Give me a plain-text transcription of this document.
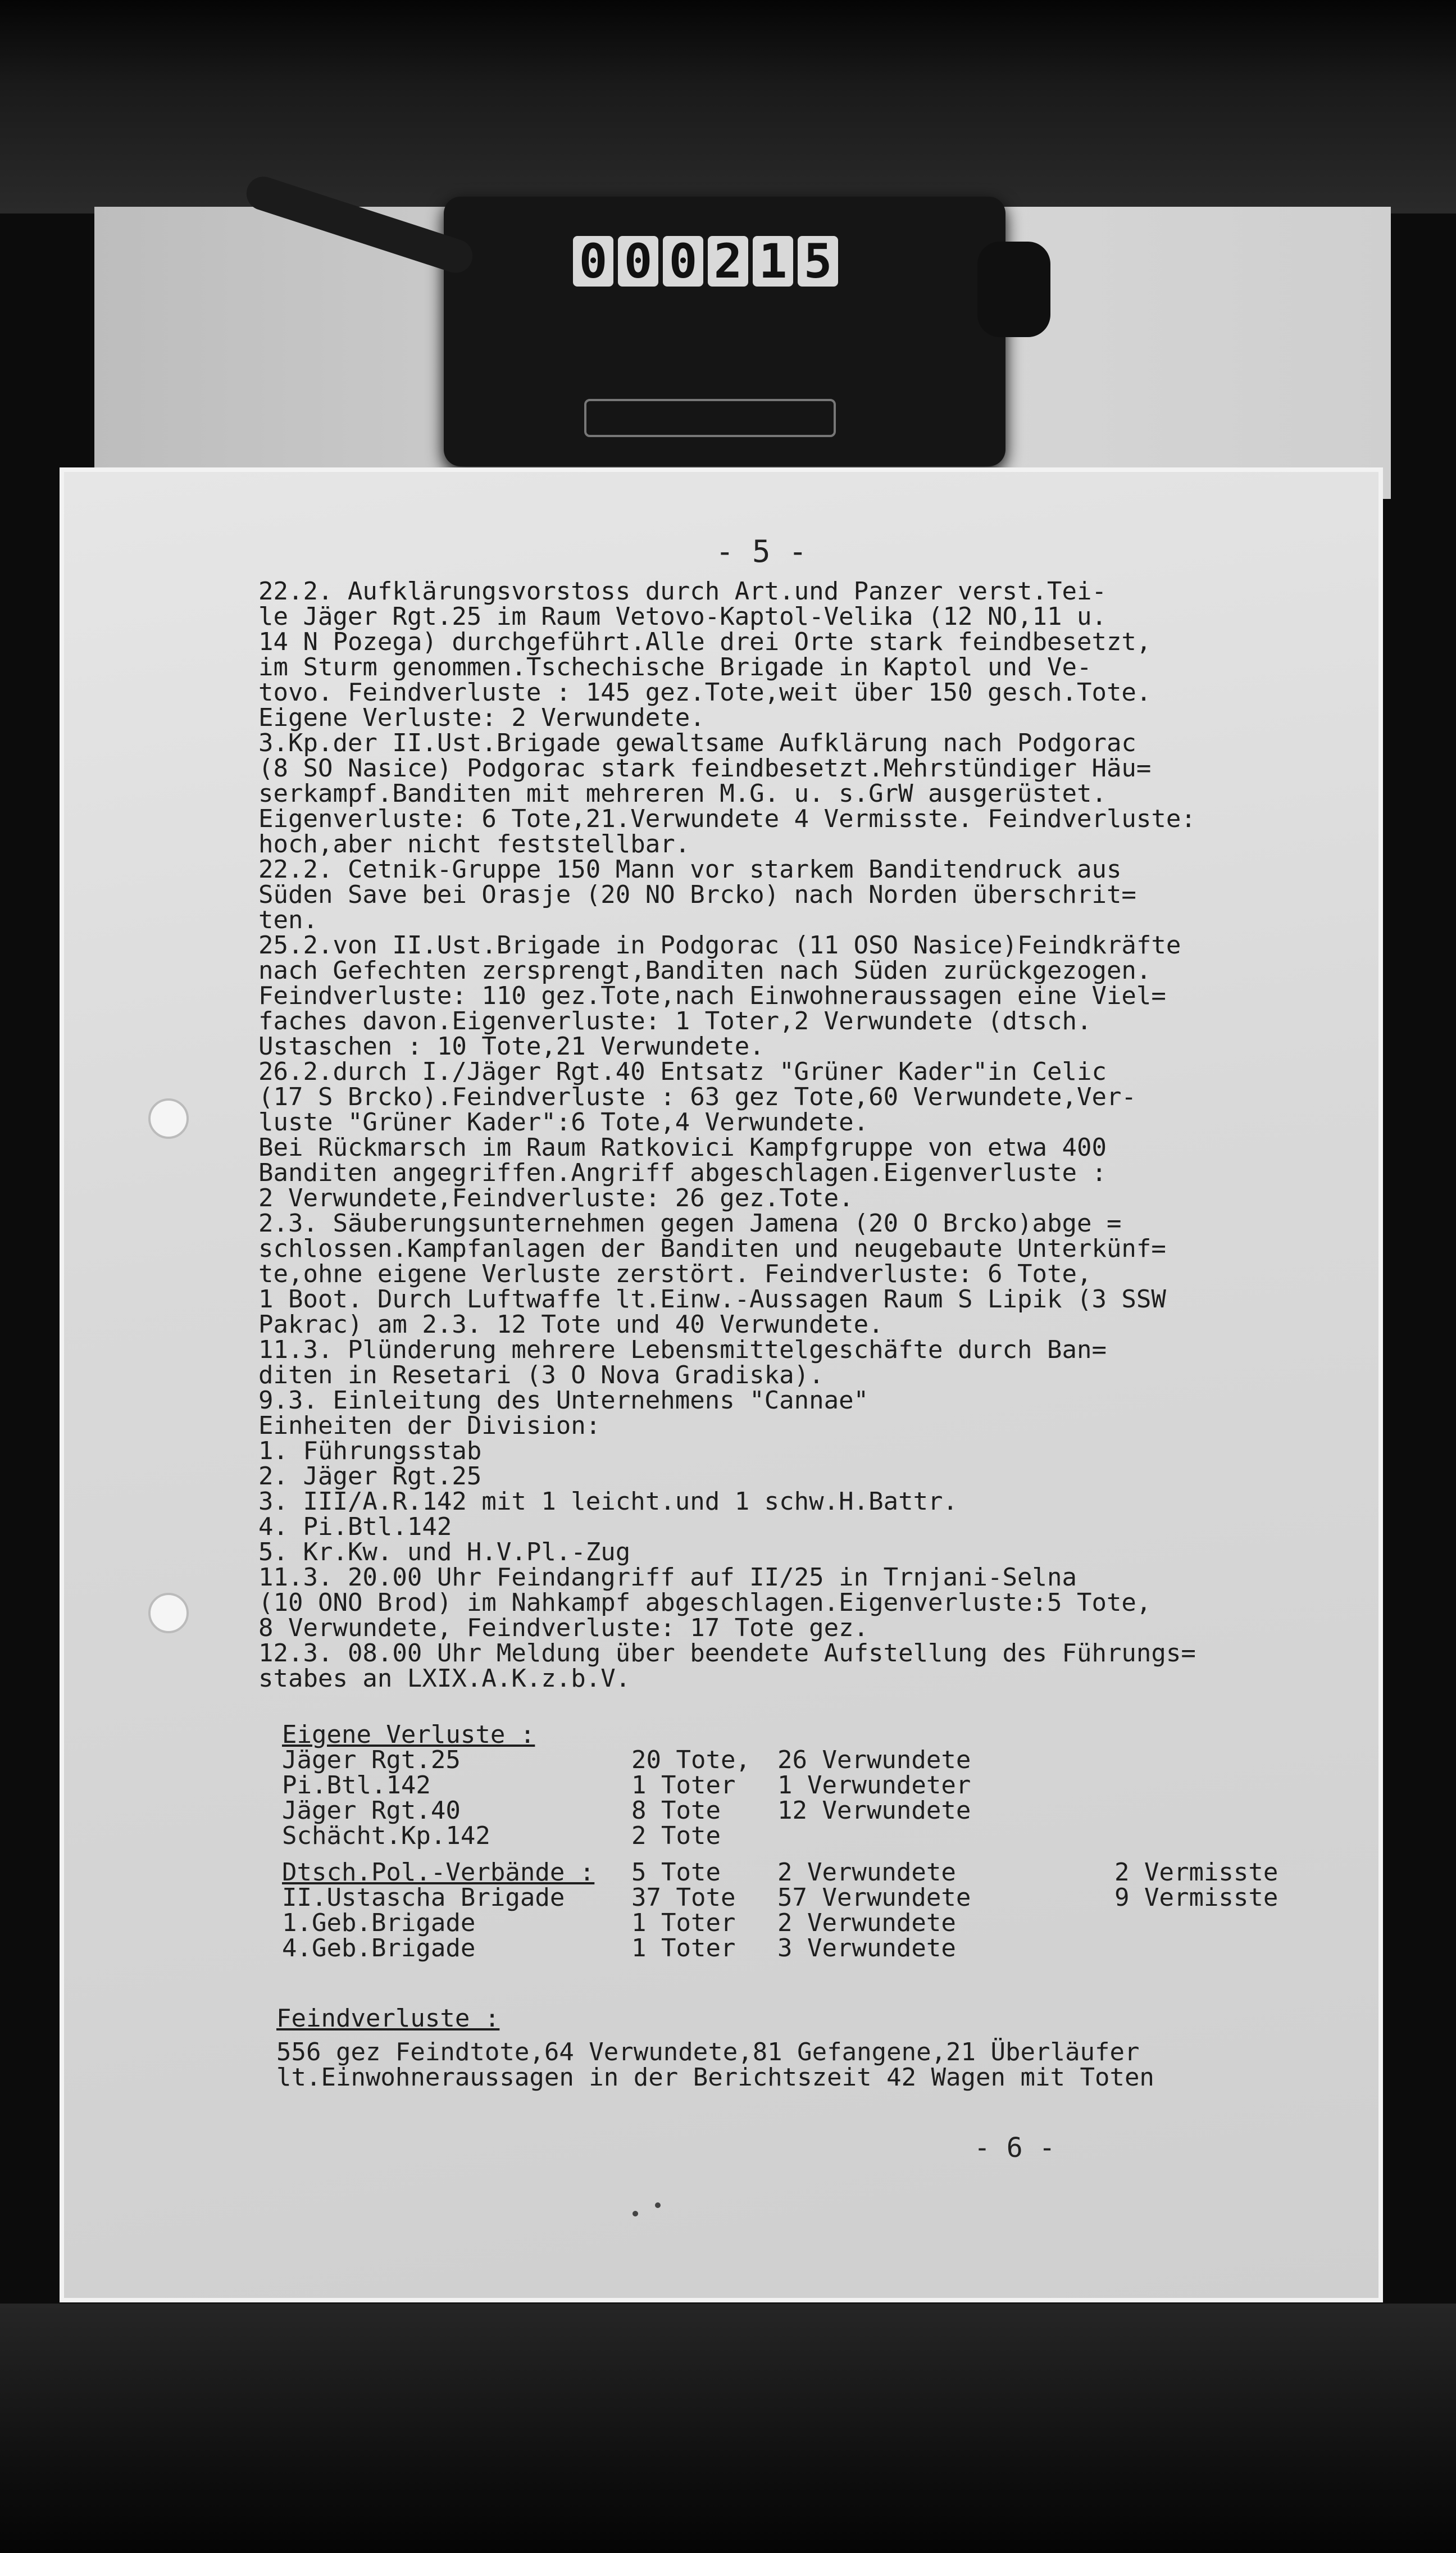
0 0 0 2 1 5
- 5 -
22.2. Aufklärungsvorstoss durch Art.und Panzer verst.Tei-
le Jäger Rgt.25 im Raum Vetovo-Kaptol-Velika (12 NO,11 u.
14 N Pozega) durchgeführt.Alle drei Orte stark feindbesetzt,
im Sturm genommen.Tschechische Brigade in Kaptol und Ve-
tovo. Feindverluste : 145 gez.Tote,weit über 150 gesch.Tote.
Eigene Verluste: 2 Verwundete.
3.Kp.der II.Ust.Brigade gewaltsame Aufklärung nach Podgorac
(8 SO Nasice) Podgorac stark feindbesetzt.Mehrstündiger Häu=
serkampf.Banditen mit mehreren M.G. u. s.GrW ausgerüstet.
Eigenverluste: 6 Tote,21.Verwundete 4 Vermisste. Feindverluste:
hoch,aber nicht feststellbar.
22.2. Cetnik-Gruppe 150 Mann vor starkem Banditendruck aus
Süden Save bei Orasje (20 NO Brcko) nach Norden überschrit=
ten.
25.2.von II.Ust.Brigade in Podgorac (11 OSO Nasice)Feindkräfte
nach Gefechten zersprengt,Banditen nach Süden zurückgezogen.
Feindverluste: 110 gez.Tote,nach Einwohneraussagen eine Viel=
faches davon.Eigenverluste: 1 Toter,2 Verwundete (dtsch.
Ustaschen : 10 Tote,21 Verwundete.
26.2.durch I./Jäger Rgt.40 Entsatz "Grüner Kader"in Celic
(17 S Brcko).Feindverluste : 63 gez Tote,60 Verwundete,Ver-
luste "Grüner Kader":6 Tote,4 Verwundete.
Bei Rückmarsch im Raum Ratkovici Kampfgruppe von etwa 400
Banditen angegriffen.Angriff abgeschlagen.Eigenverluste :
2 Verwundete,Feindverluste: 26 gez.Tote.
2.3. Säuberungsunternehmen gegen Jamena (20 O Brcko)abge =
schlossen.Kampfanlagen der Banditen und neugebaute Unterkünf=
te,ohne eigene Verluste zerstört. Feindverluste: 6 Tote,
1 Boot. Durch Luftwaffe lt.Einw.-Aussagen Raum S Lipik (3 SSW
Pakrac) am 2.3. 12 Tote und 40 Verwundete.
11.3. Plünderung mehrere Lebensmittelgeschäfte durch Ban=
diten in Resetari (3 O Nova Gradiska).
9.3. Einleitung des Unternehmens "Cannae"
Einheiten der Division:
1. Führungsstab
2. Jäger Rgt.25
3. III/A.R.142 mit 1 leicht.und 1 schw.H.Battr.
4. Pi.Btl.142
5. Kr.Kw. und H.V.Pl.-Zug
11.3. 20.00 Uhr Feindangriff auf II/25 in Trnjani-Selna
(10 ONO Brod) im Nahkampf abgeschlagen.Eigenverluste:5 Tote,
8 Verwundete, Feindverluste: 17 Tote gez.
12.3. 08.00 Uhr Meldung über beendete Aufstellung des Führungs=
stabes an LXIX.A.K.z.b.V.
Eigene Verluste :
Jäger Rgt.25	20 Tote, 26 Verwundete
Pi.Btl.142	1 Toter 1 Verwundeter
Jäger Rgt.40	8 Tote 12 Verwundete
Schächt.Kp.142	2 Tote
Dtsch.Pol.-Verbände : 5 Tote 2 Verwundete	2 Vermisste
II.Ustascha Brigade	37 Tote 57 Verwundete	9 Vermisste
1.Geb.Brigade	1 Toter 2 Verwundete
4.Geb.Brigade	1 Toter 3 Verwundete
Feindverluste :
556 gez Feindtote,64 Verwundete,81 Gefangene,21 Überläufer
lt.Einwohneraussagen in der Berichtszeit 42 Wagen mit Toten
- 6 -
